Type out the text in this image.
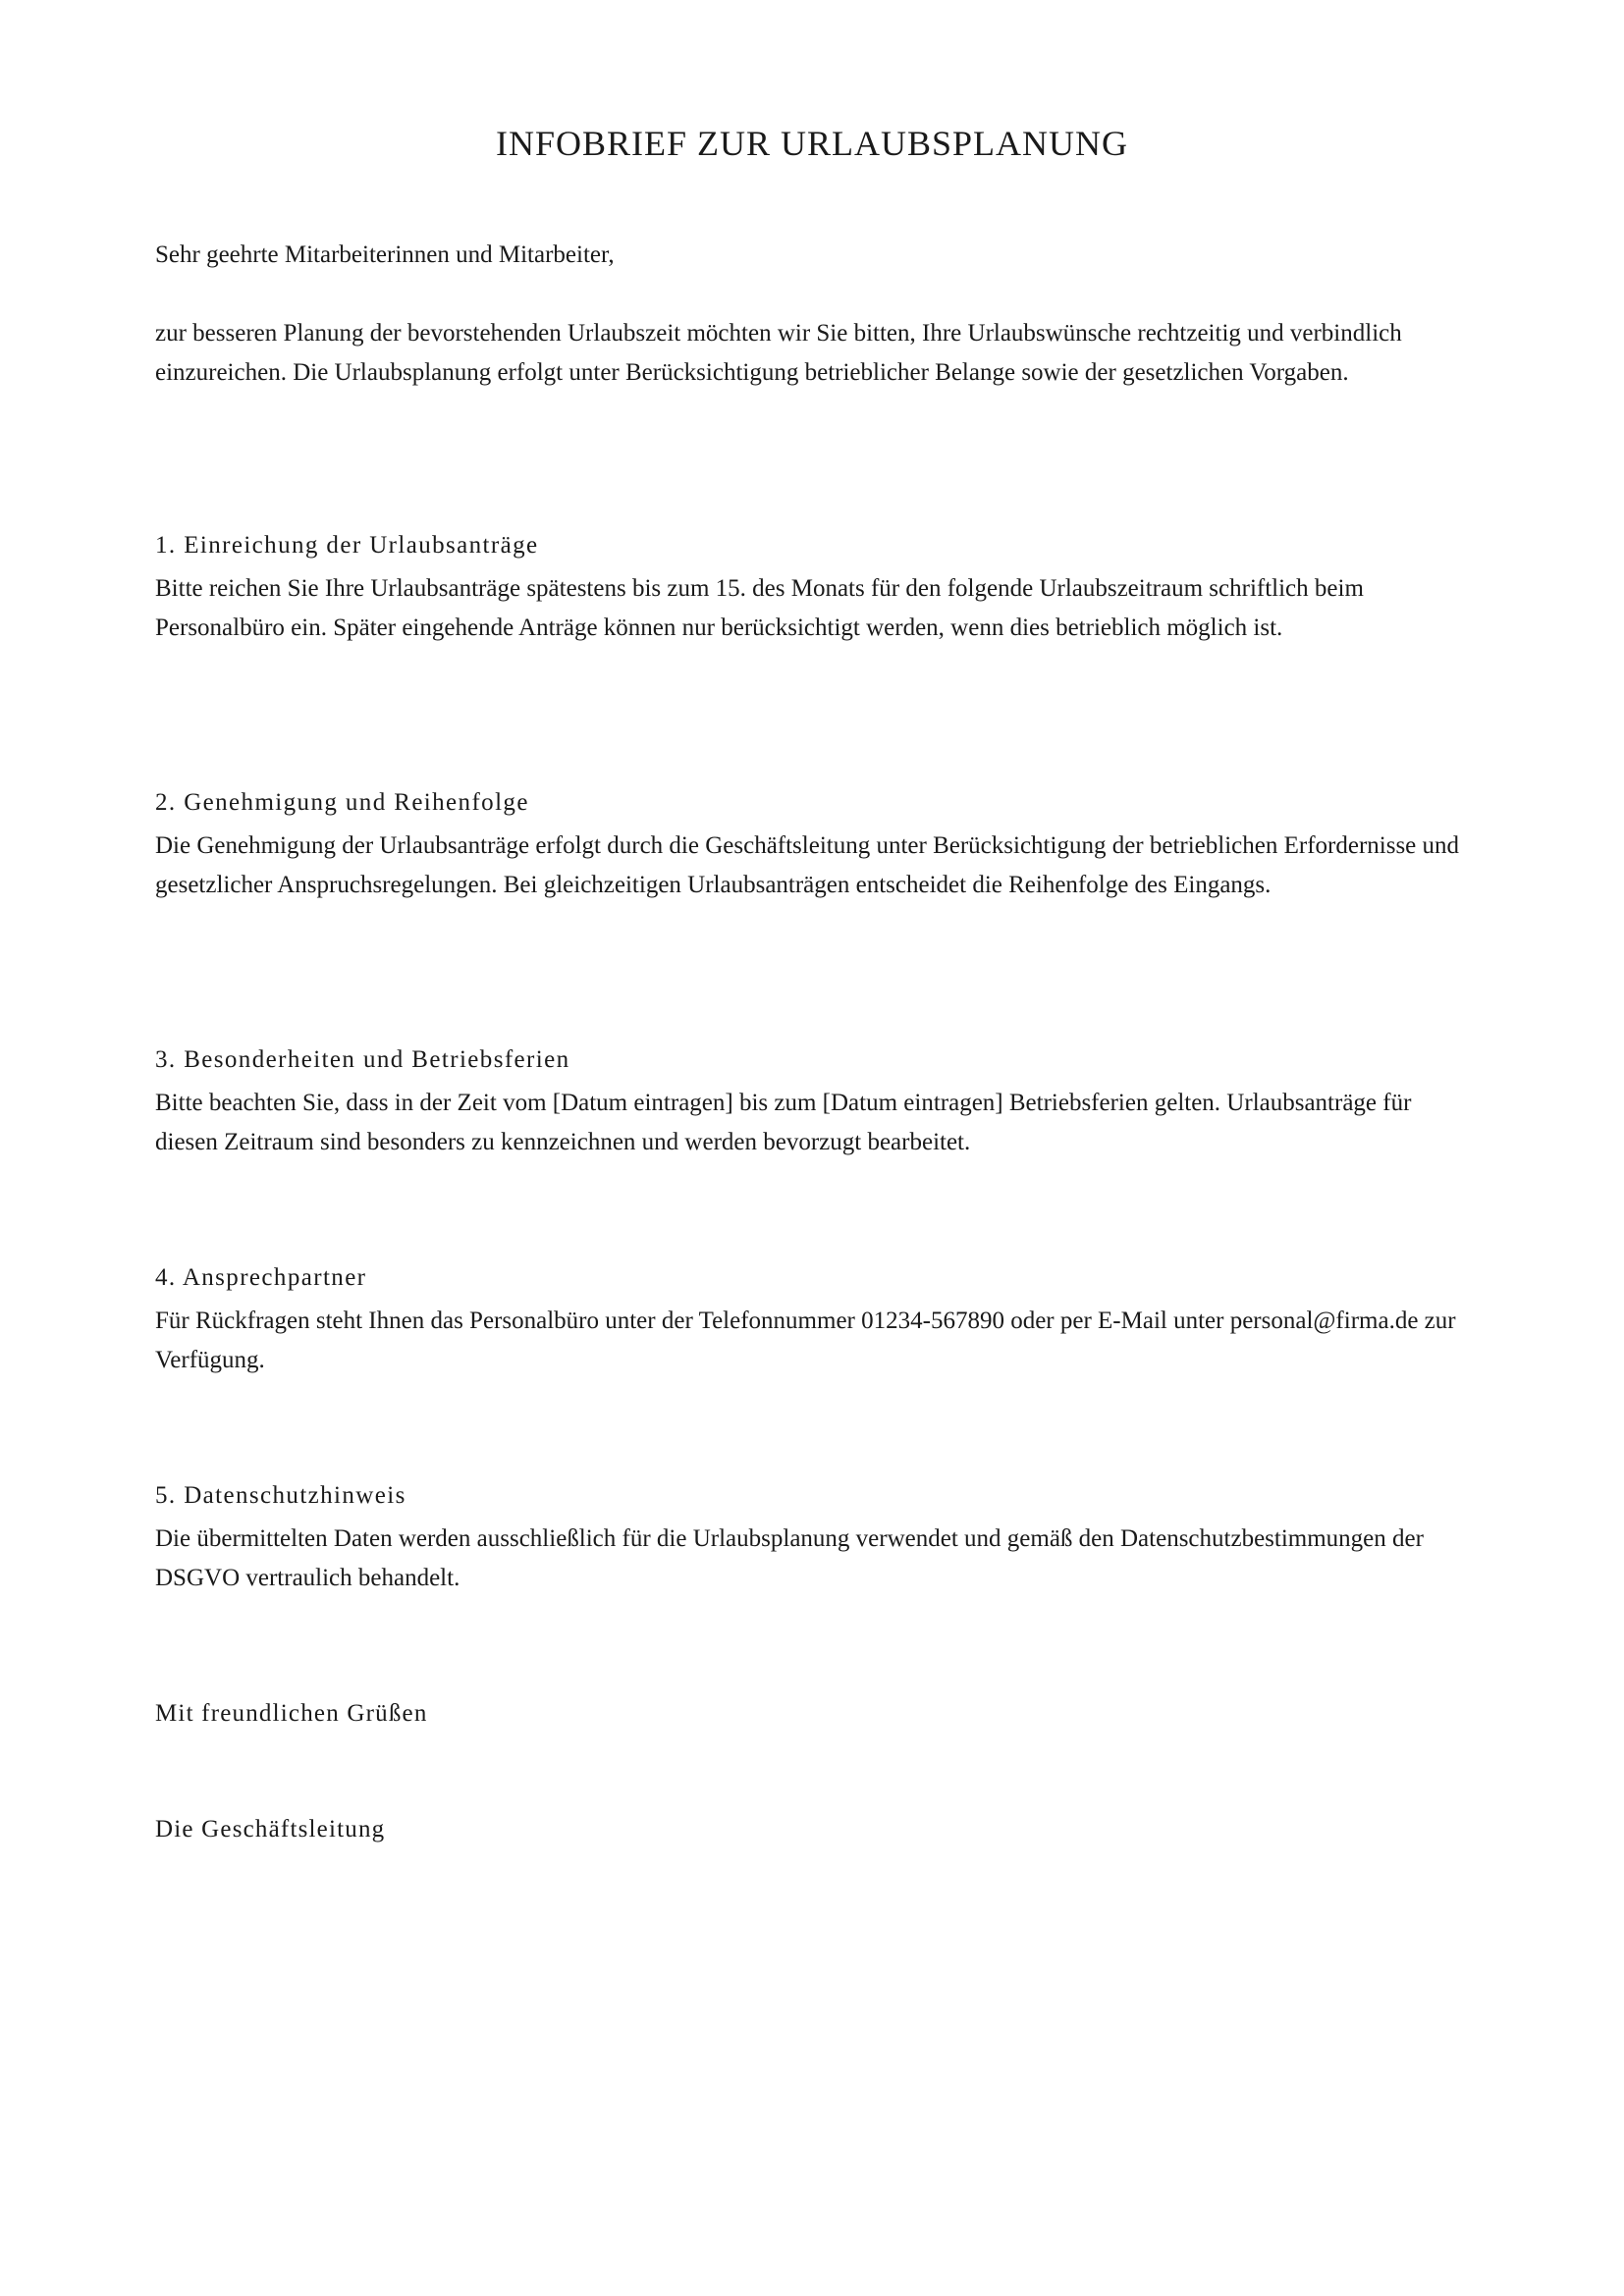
INFOBRIEF ZUR URLAUBSPLANUNG

Sehr geehrte Mitarbeiterinnen und Mitarbeiter,

zur besseren Planung der bevorstehenden Urlaubszeit möchten wir Sie bitten, Ihre Urlaubswünsche rechtzeitig und verbindlich einzureichen. Die Urlaubsplanung erfolgt unter Berücksichtigung betrieblicher Belange sowie der gesetzlichen Vorgaben.

1. Einreichung der Urlaubsanträge

Bitte reichen Sie Ihre Urlaubsanträge spätestens bis zum 15. des Monats für den folgende Urlaubszeitraum schriftlich beim Personalbüro ein. Später eingehende Anträge können nur berücksichtigt werden, wenn dies betrieblich möglich ist.

2. Genehmigung und Reihenfolge

Die Genehmigung der Urlaubsanträge erfolgt durch die Geschäftsleitung unter Berücksichtigung der betrieblichen Erfordernisse und gesetzlicher Anspruchsregelungen. Bei gleichzeitigen Urlaubsanträgen entscheidet die Reihenfolge des Eingangs.

3. Besonderheiten und Betriebsferien

Bitte beachten Sie, dass in der Zeit vom [Datum eintragen] bis zum [Datum eintragen] Betriebsferien gelten. Urlaubsanträge für diesen Zeitraum sind besonders zu kennzeichnen und werden bevorzugt bearbeitet.

4. Ansprechpartner

Für Rückfragen steht Ihnen das Personalbüro unter der Telefonnummer 01234-567890 oder per E-Mail unter personal@firma.de zur Verfügung.

5. Datenschutzhinweis

Die übermittelten Daten werden ausschließlich für die Urlaubsplanung verwendet und gemäß den Datenschutzbestimmungen der DSGVO vertraulich behandelt.

Mit freundlichen Grüßen

Die Geschäftsleitung
